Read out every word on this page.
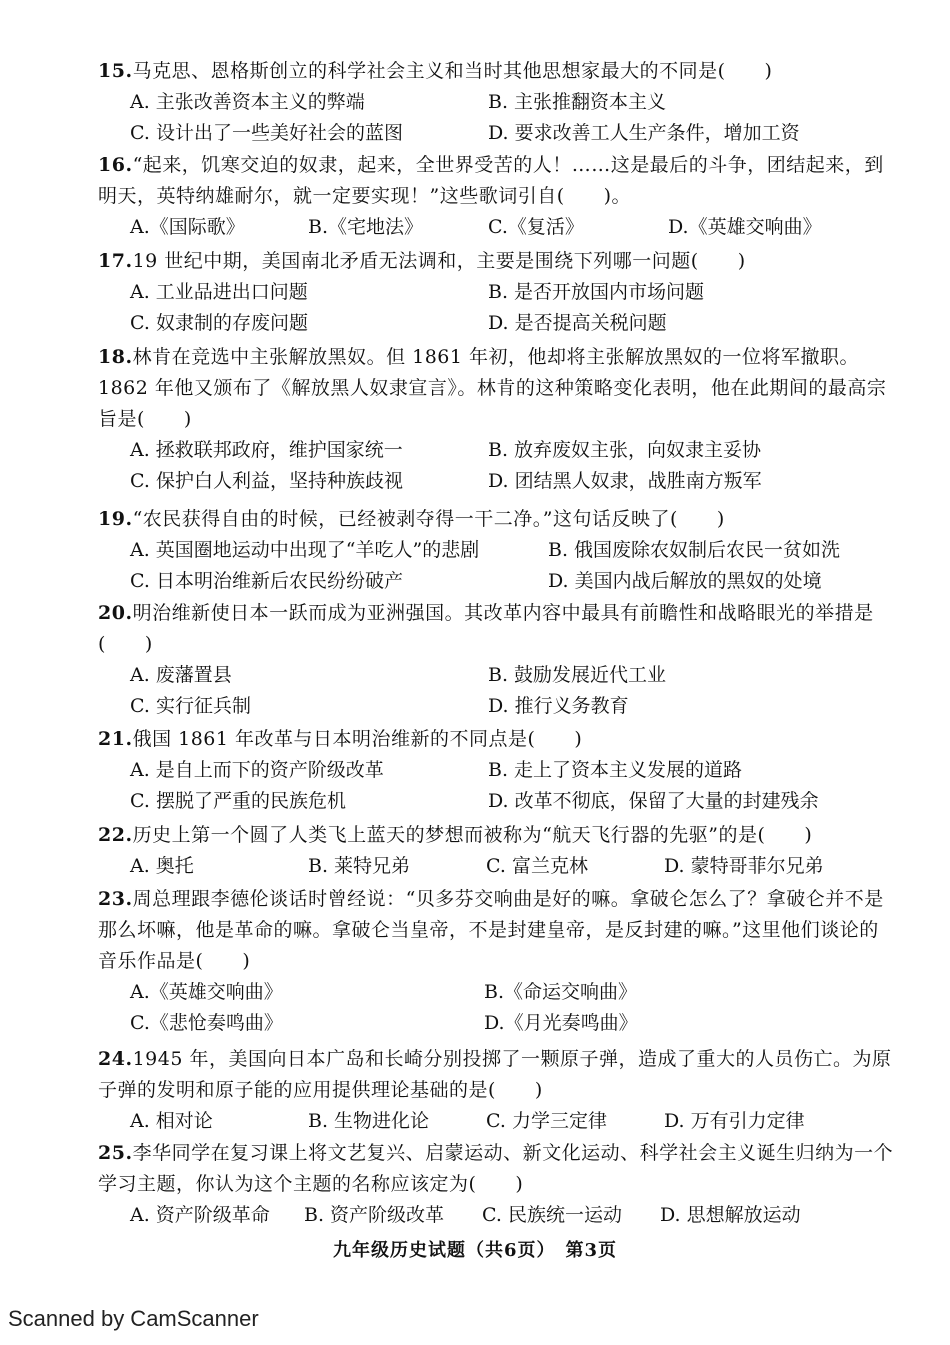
15.马克思、恩格斯创立的科学社会主义和当时其他思想家最大的不同是(　　)
A. 主张改善资本主义的弊端	B. 主张推翻资本主义
C. 设计出了一些美好社会的蓝图	D. 要求改善工人生产条件，增加工资
16.“起来，饥寒交迫的奴隶，起来，全世界受苦的人！……这是最后的斗争，团结起来，到明天，英特纳雄耐尔，就一定要实现！”这些歌词引自(　　)。
A.《国际歌》	B.《宅地法》	C.《复活》	D.《英雄交响曲》
17.19 世纪中期，美国南北矛盾无法调和，主要是围绕下列哪一问题(　　)
A. 工业品进出口问题	B. 是否开放国内市场问题
C. 奴隶制的存废问题	D. 是否提高关税问题
18.林肯在竞选中主张解放黑奴。但 1861 年初，他却将主张解放黑奴的一位将军撤职。1862 年他又颁布了《解放黑人奴隶宣言》。林肯的这种策略变化表明，他在此期间的最高宗旨是(　　)
A. 拯救联邦政府，维护国家统一	B. 放弃废奴主张，向奴隶主妥协
C. 保护白人利益，坚持种族歧视	D. 团结黑人奴隶，战胜南方叛军
19.“农民获得自由的时候，已经被剥夺得一干二净。”这句话反映了(　　)
A. 英国圈地运动中出现了“羊吃人”的悲剧	B. 俄国废除农奴制后农民一贫如洗
C. 日本明治维新后农民纷纷破产	D. 美国内战后解放的黑奴的处境
20.明治维新使日本一跃而成为亚洲强国。其改革内容中最具有前瞻性和战略眼光的举措是(　　)
A. 废藩置县	B. 鼓励发展近代工业
C. 实行征兵制	D. 推行义务教育
21.俄国 1861 年改革与日本明治维新的不同点是(　　)
A. 是自上而下的资产阶级改革	B. 走上了资本主义发展的道路
C. 摆脱了严重的民族危机	D. 改革不彻底，保留了大量的封建残余
22.历史上第一个圆了人类飞上蓝天的梦想而被称为“航天飞行器的先驱”的是(　　)
A. 奥托	B. 莱特兄弟	C. 富兰克林	D. 蒙特哥菲尔兄弟
23.周总理跟李德伦谈话时曾经说：“贝多芬交响曲是好的嘛。拿破仑怎么了？拿破仑并不是那么坏嘛，他是革命的嘛。拿破仑当皇帝，不是封建皇帝，是反封建的嘛。”这里他们谈论的音乐作品是(　　)
A.《英雄交响曲》	B.《命运交响曲》
C.《悲怆奏鸣曲》	D.《月光奏鸣曲》
24.1945 年，美国向日本广岛和长崎分别投掷了一颗原子弹，造成了重大的人员伤亡。为原子弹的发明和原子能的应用提供理论基础的是(　　)
A. 相对论	B. 生物进化论	C. 力学三定律	D. 万有引力定律
25.李华同学在复习课上将文艺复兴、启蒙运动、新文化运动、科学社会主义诞生归纳为一个学习主题，你认为这个主题的名称应该定为(　　)
A. 资产阶级革命 B. 资产阶级改革 C. 民族统一运动 D. 思想解放运动
九年级历史试题（共6页）　第3页
Scanned by CamScanner
